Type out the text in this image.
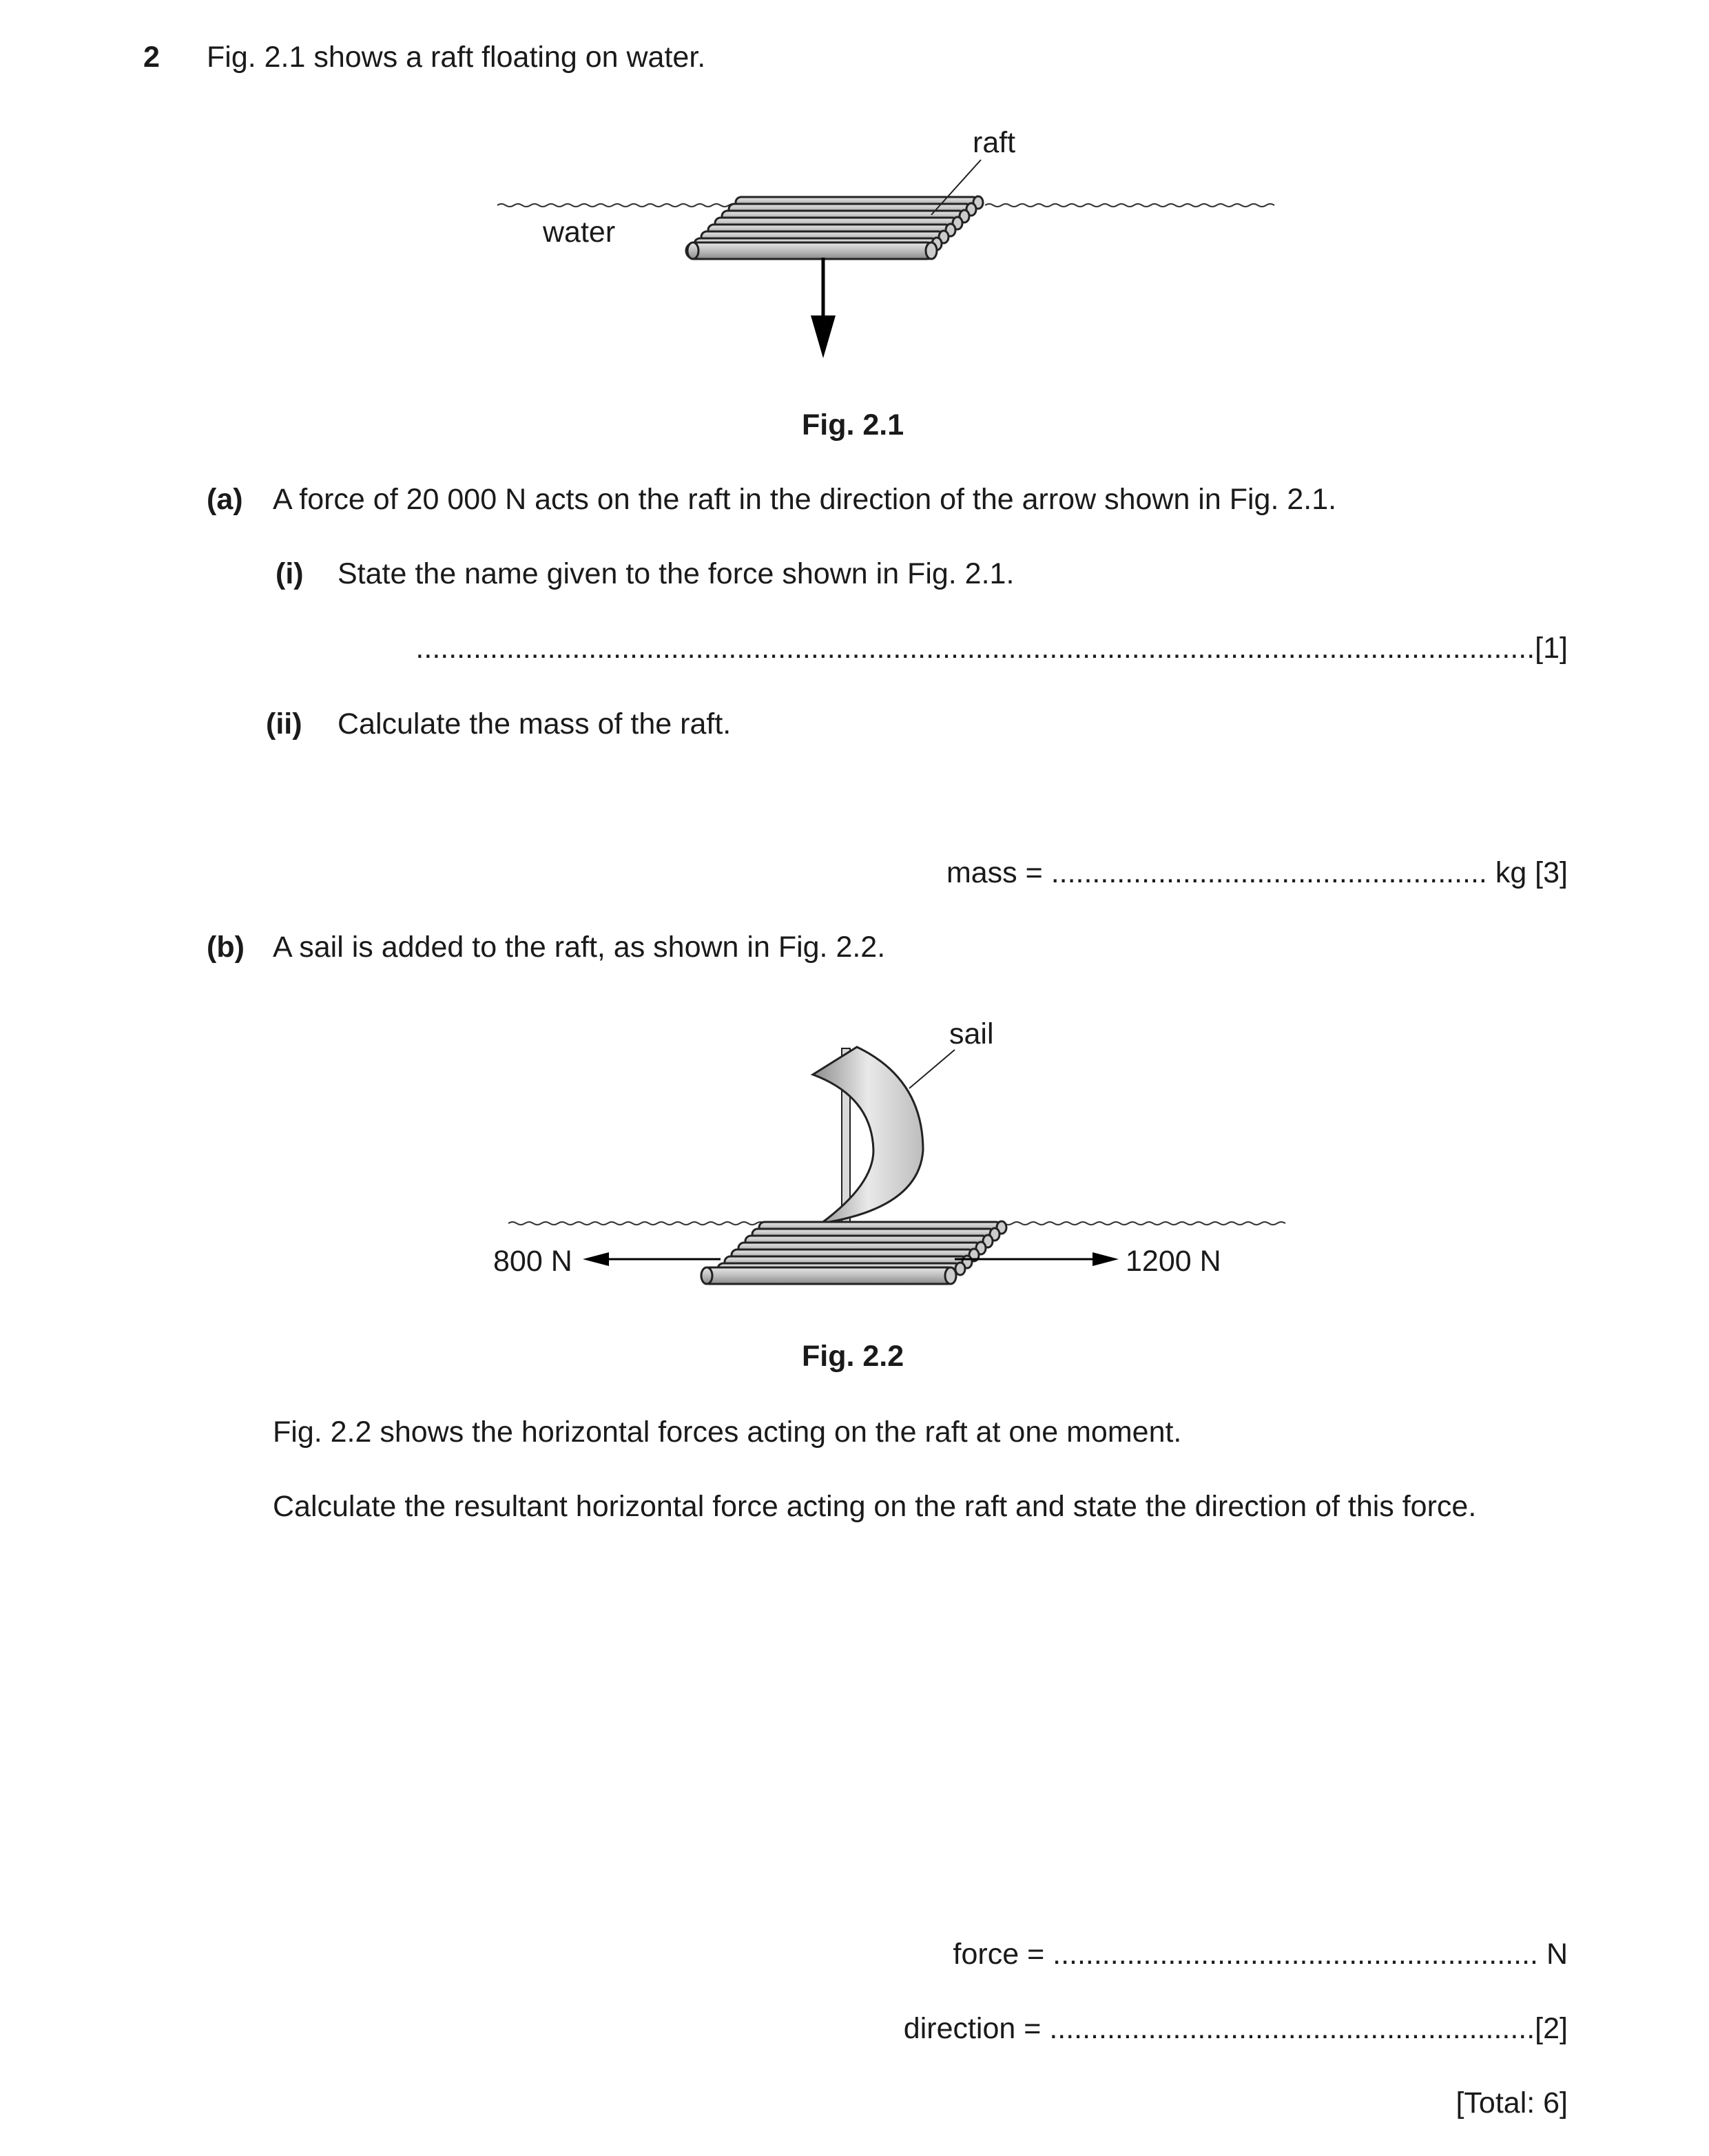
2 Fig. 2.1 shows a raft floating on water.
raft
water
Fig. 2.1
(a) A force of 20 000 N acts on the raft in the direction of the arrow shown in Fig. 2.1.
(i) State the name given to the force shown in Fig. 2.1.
........................................................................................................................................[1]
(ii) Calculate the mass of the raft.
mass = ..................................................... kg [3]
(b) A sail is added to the raft, as shown in Fig. 2.2.
sail
800 N	1200 N
Fig. 2.2
Fig. 2.2 shows the horizontal forces acting on the raft at one moment.
Calculate the resultant horizontal force acting on the raft and state the direction of this force.
force = ........................................................... N
direction = ...........................................................[2]
[Total: 6]
